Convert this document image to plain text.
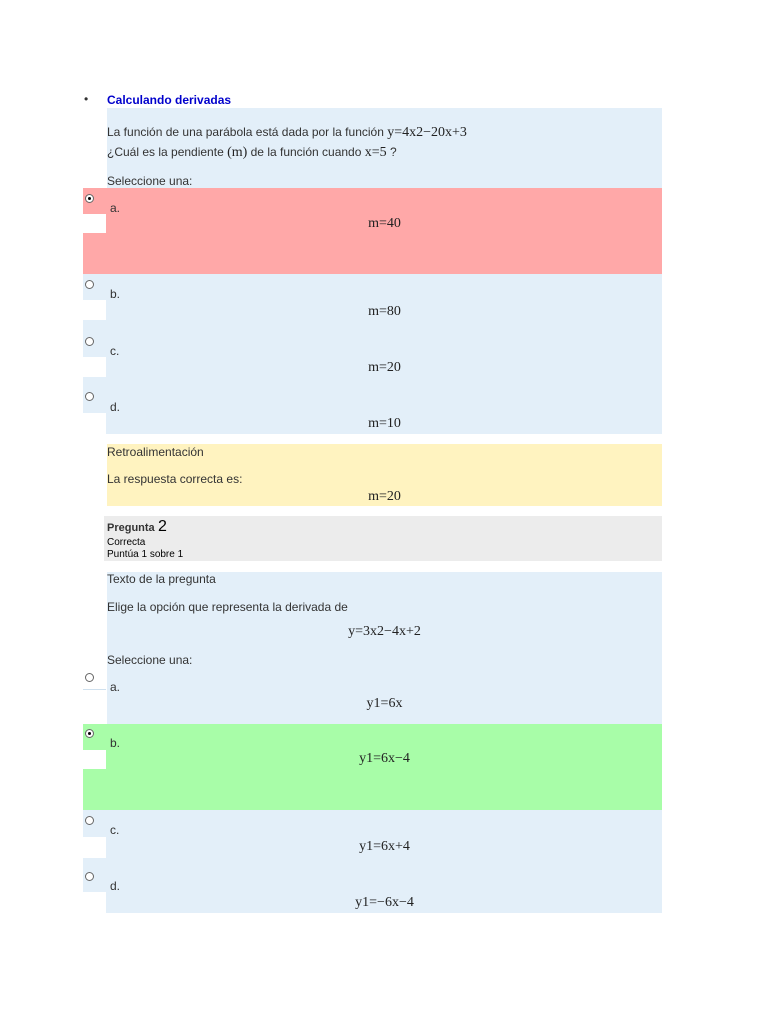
• Calculando derivadas
La función de una parábola está dada por la función y=4x2−20x+3
¿Cuál es la pendiente (m) de la función cuando x=5 ?
Seleccione una:
a.
m=40
b.
m=80
c.
m=20
d.
m=10
Retroalimentación
La respuesta correcta es:
m=20
Pregunta 2
Correcta
Puntúa 1 sobre 1
Texto de la pregunta
Elige la opción que representa la derivada de
y=3x2−4x+2
Seleccione una:
a.
y1=6x
b.
y1=6x−4
c.
y1=6x+4
d.
y1=−6x−4
